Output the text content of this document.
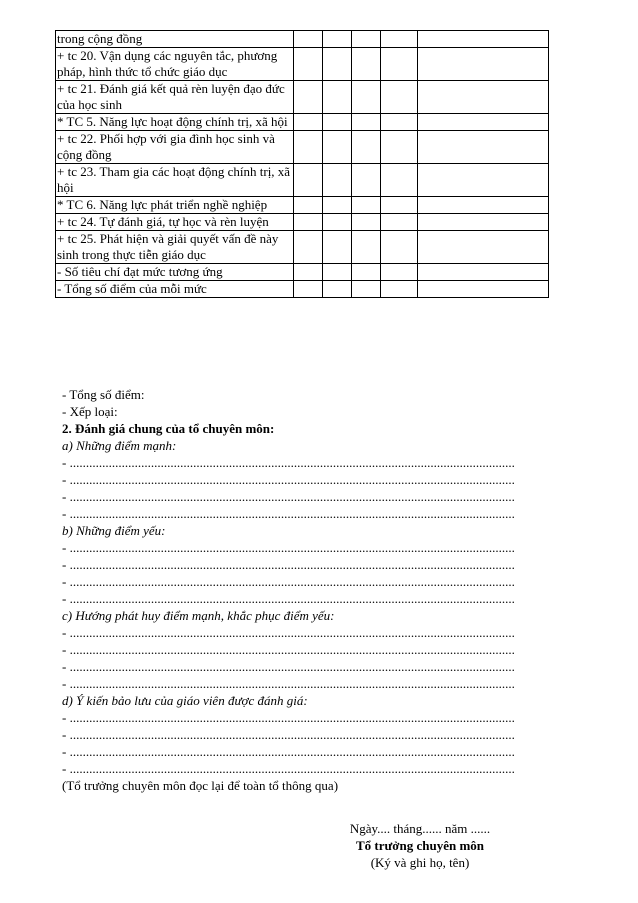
trong cộng đồng					
+ tc 20. Vận dụng các nguyên tắc, phương pháp, hình thức tổ chức giáo dục					
+ tc 21. Đánh giá kết quả rèn luyện đạo đức của học sinh					
* TC 5. Năng lực hoạt động chính trị, xã hội					
+ tc 22. Phối hợp với gia đình học sinh và cộng đồng					
+ tc 23. Tham gia các hoạt động chính trị, xã hội					
* TC 6. Năng lực phát triển nghề nghiệp					
+ tc 24. Tự đánh giá, tự học và rèn luyện					
+ tc 25. Phát hiện và giải quyết vấn đề này sinh trong thực tiễn giáo dục					
- Số tiêu chí đạt mức tương ứng					
- Tổng số điểm của mỗi mức					
- Tổng số điểm:
- Xếp loại:
2. Đánh giá chung của tổ chuyên môn:
a) Những điểm mạnh:
- .........................................................................................................................................
- .........................................................................................................................................
- .........................................................................................................................................
- .........................................................................................................................................
b) Những điểm yếu:
- .........................................................................................................................................
- .........................................................................................................................................
- .........................................................................................................................................
- .........................................................................................................................................
c) Hướng phát huy điểm mạnh, khắc phục điểm yếu:
- .........................................................................................................................................
- .........................................................................................................................................
- .........................................................................................................................................
- .........................................................................................................................................
d) Ý kiến bảo lưu của giáo viên được đánh giá:
- .........................................................................................................................................
- .........................................................................................................................................
- .........................................................................................................................................
- .........................................................................................................................................
(Tổ trưởng chuyên môn đọc lại để toàn tổ thông qua)
Ngày.... tháng...... năm ......
Tổ trưởng chuyên môn
(Ký và ghi họ, tên)
